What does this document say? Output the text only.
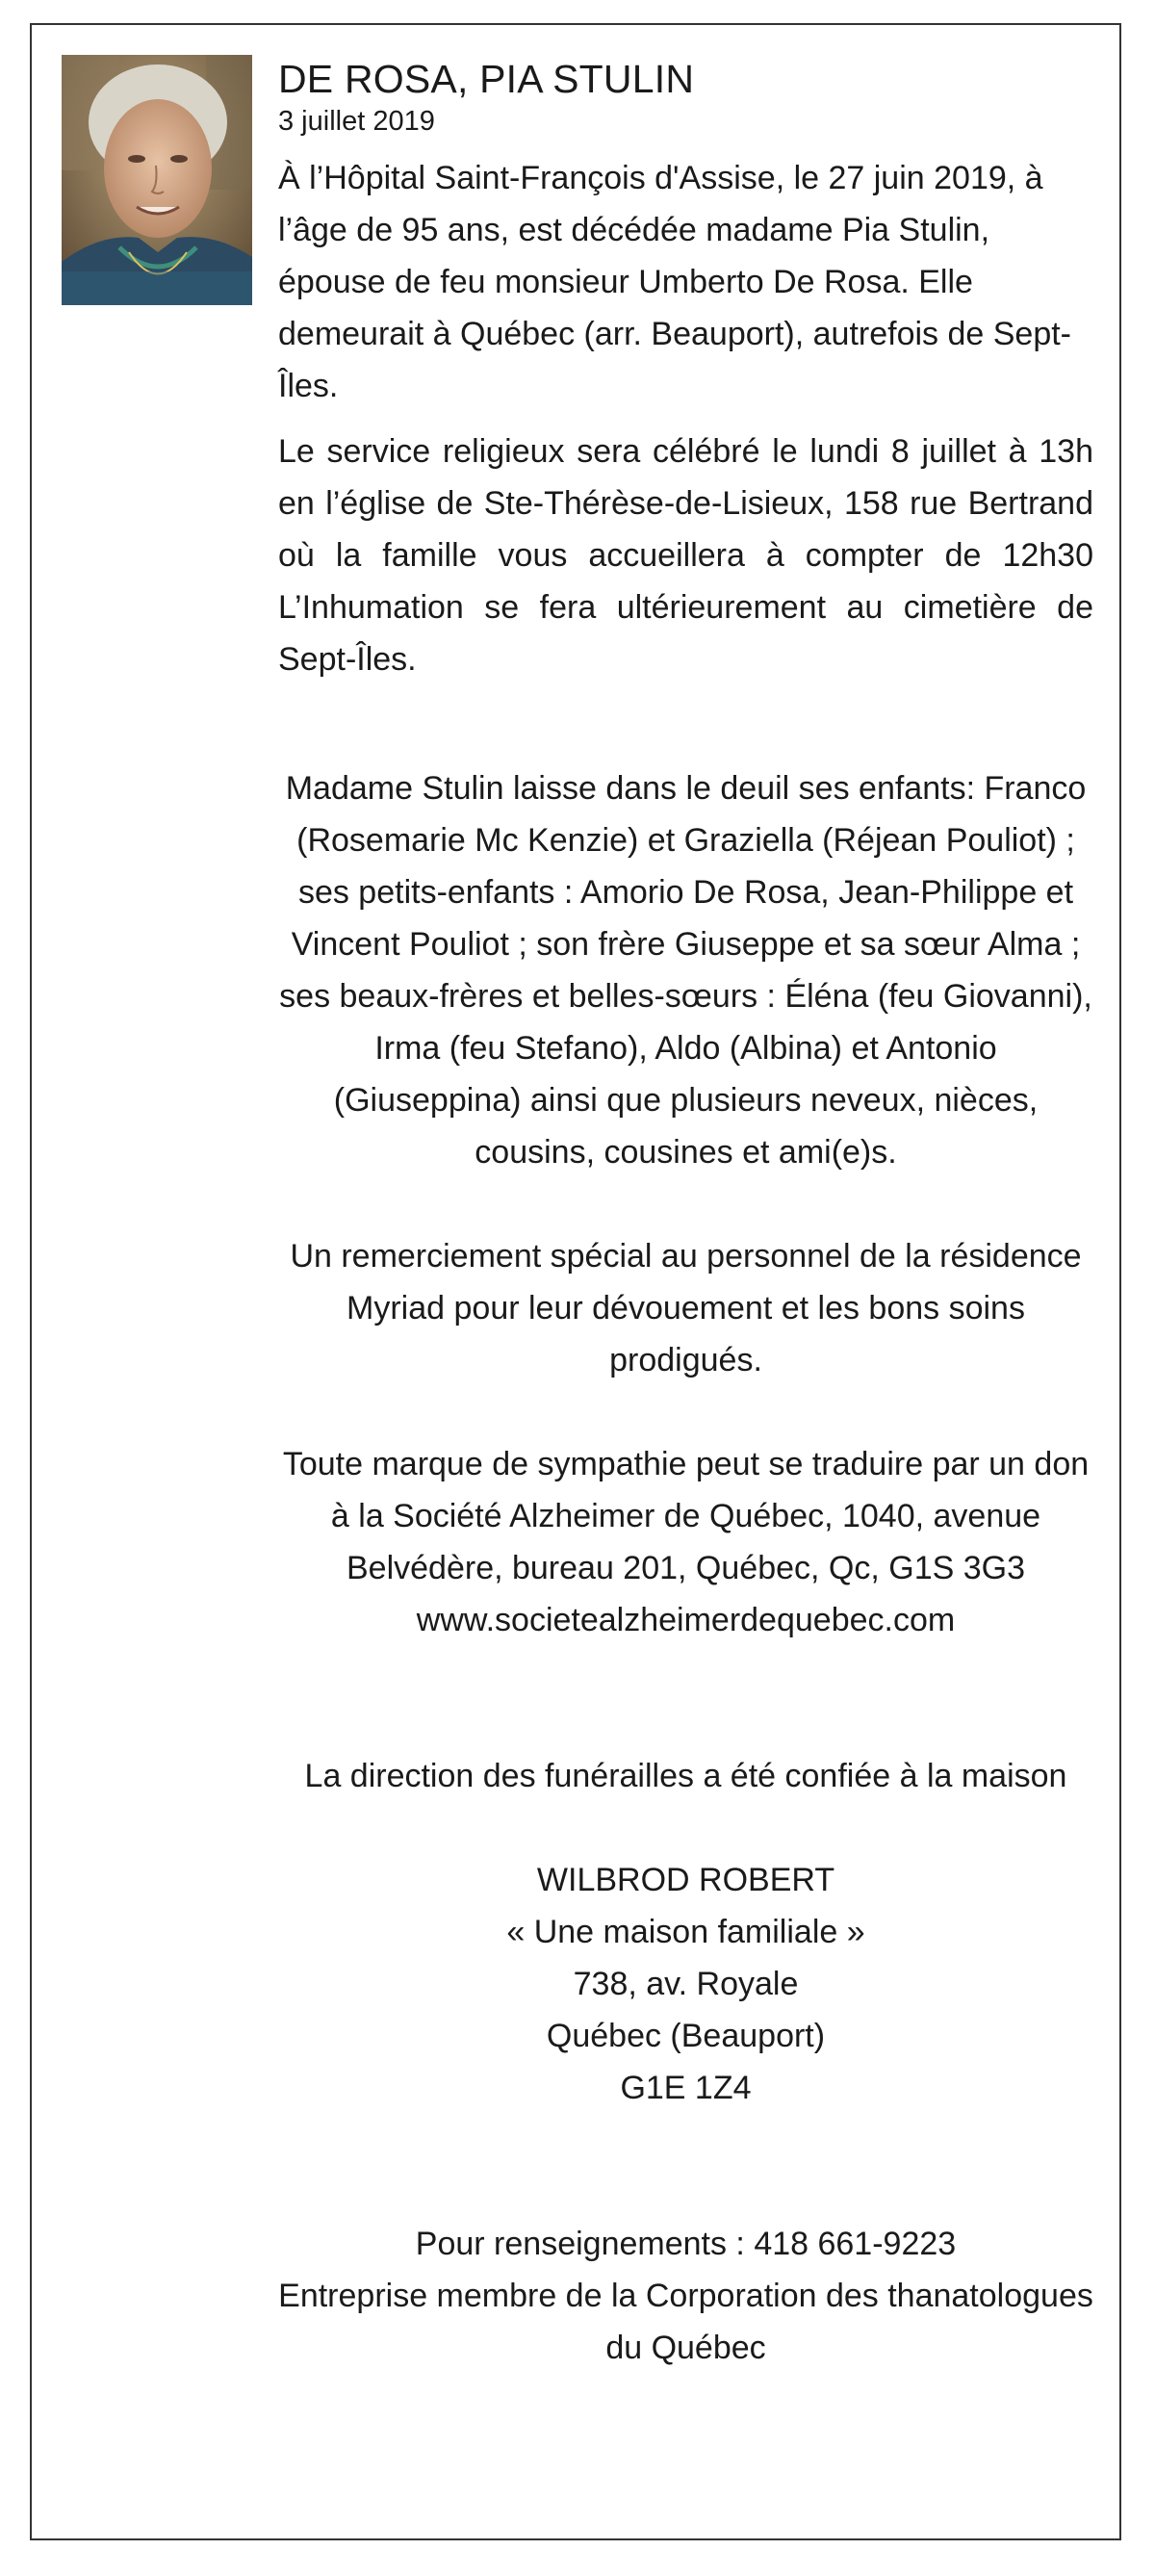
DE ROSA, PIA STULIN

3 juillet 2019

À l’Hôpital Saint-François d'Assise, le 27 juin 2019, à l’âge de 95 ans, est décédée madame Pia Stulin, épouse de feu monsieur Umberto De Rosa. Elle demeurait à Québec (arr. Beauport), autrefois de Sept-Îles.

Le service religieux sera célébré le lundi 8 juillet à 13h en l’église de Ste-Thérèse-de-Lisieux, 158 rue Bertrand où la famille vous accueillera à compter de 12h30 L’Inhumation se fera ultérieurement au cimetière de Sept-Îles.

Madame Stulin laisse dans le deuil ses enfants: Franco (Rosemarie Mc Kenzie) et Graziella (Réjean Pouliot) ; ses petits-enfants : Amorio De Rosa, Jean-Philippe et Vincent Pouliot ; son frère Giuseppe et sa sœur Alma ; ses beaux-frères et belles-sœurs : Éléna (feu Giovanni), Irma (feu Stefano), Aldo (Albina) et Antonio (Giuseppina) ainsi que plusieurs neveux, nièces, cousins, cousines et ami(e)s.

Un remerciement spécial au personnel de la résidence Myriad pour leur dévouement et les bons soins prodigués.

Toute marque de sympathie peut se traduire par un don à la Société Alzheimer de Québec, 1040, avenue Belvédère, bureau 201, Québec, Qc, G1S 3G3 www.societealzheimerdequebec.com

La direction des funérailles a été confiée à la maison

WILBROD ROBERT
« Une maison familiale »
738, av. Royale
Québec (Beauport)
G1E 1Z4
Pour renseignements : 418 661-9223
Entreprise membre de la Corporation des thanatologues du Québec
